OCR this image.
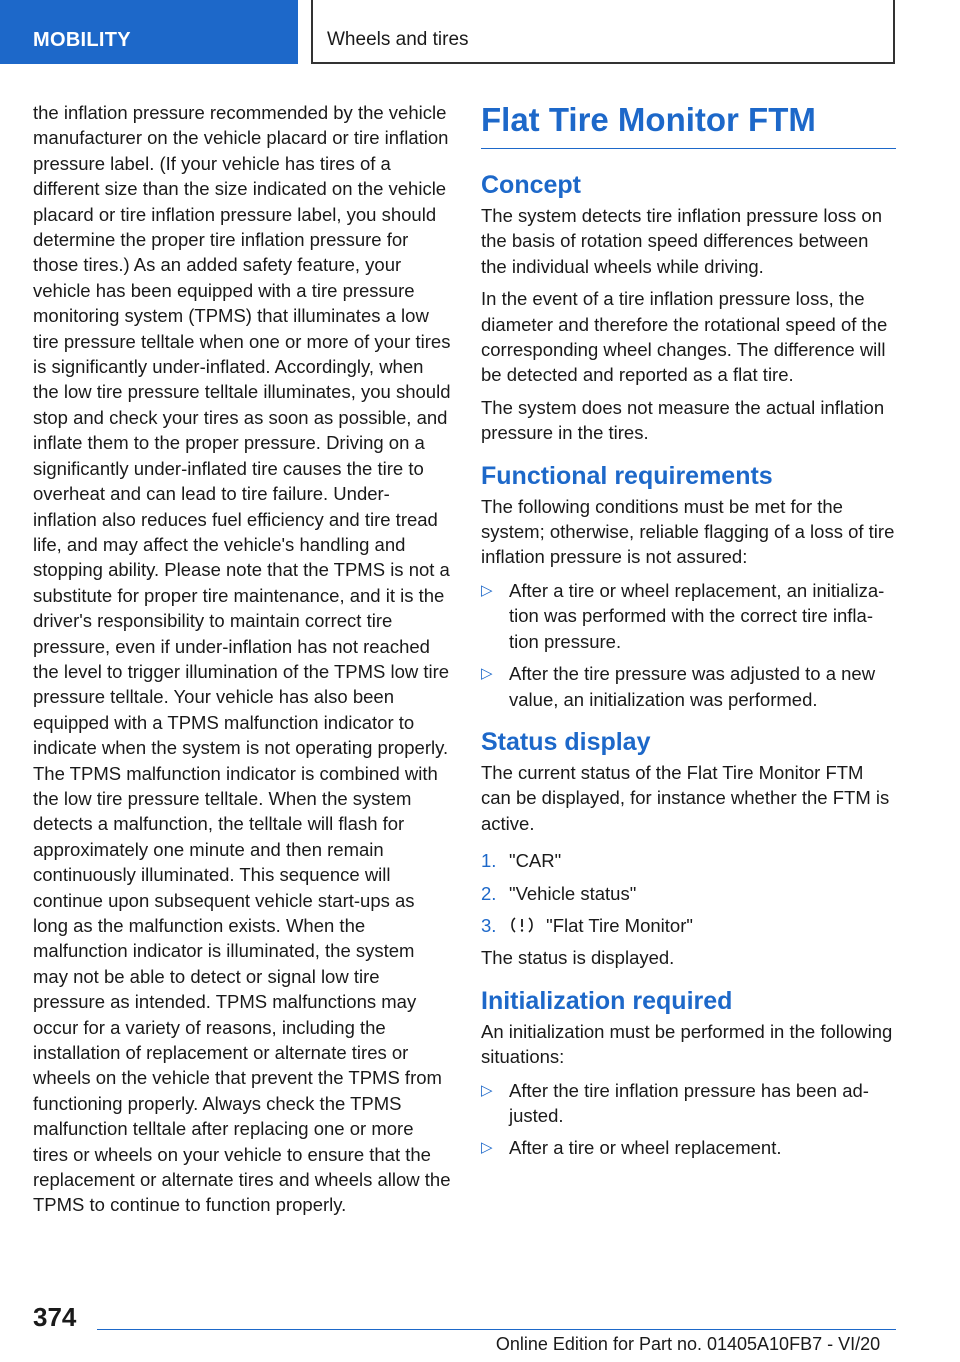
MOBILITY	Wheels and tires

the inflation pressure recommended by the vehicle manufacturer on the vehicle placard or tire inflation pressure label. (If your vehicle has tires of a different size than the size indicated on the vehicle placard or tire inflation pressure label, you should determine the proper tire inflation pressure for those tires.) As an added safety feature, your vehicle has been equipped with a tire pressure monitoring system (TPMS) that illuminates a low tire pressure telltale when one or more of your tires is significantly under-inflated. Accordingly, when the low tire pressure telltale illuminates, you should stop and check your tires as soon as possible, and inflate them to the proper pressure. Driving on a significantly under-inflated tire causes the tire to overheat and can lead to tire failure. Under-inflation also reduces fuel efficiency and tire tread life, and may affect the vehicle's handling and stopping ability. Please note that the TPMS is not a substitute for proper tire maintenance, and it is the driver's responsibility to maintain correct tire pressure, even if under-inflation has not reached the level to trigger illumination of the TPMS low tire pressure telltale. Your vehicle has also been equipped with a TPMS malfunction indicator to indicate when the system is not operating properly. The TPMS malfunction indicator is combined with the low tire pressure telltale. When the system detects a malfunction, the telltale will flash for approximately one minute and then remain continuously illuminated. This sequence will continue upon subsequent vehicle start-ups as long as the malfunction exists. When the malfunction indicator is illuminated, the system may not be able to detect or signal low tire pressure as intended. TPMS malfunctions may occur for a variety of reasons, including the installation of replacement or alternate tires or wheels on the vehicle that prevent the TPMS from functioning properly. Always check the TPMS malfunction telltale after replacing one or more tires or wheels on your vehicle to ensure that the replacement or alternate tires and wheels allow the TPMS to continue to function properly.

Flat Tire Monitor FTM
Concept

The system detects tire inflation pressure loss on the basis of rotation speed differences between the individual wheels while driving.

In the event of a tire inflation pressure loss, the diameter and therefore the rotational speed of the corresponding wheel changes. The difference will be detected and reported as a flat tire.

The system does not measure the actual inflation pressure in the tires.

Functional requirements

The following conditions must be met for the system; otherwise, reliable flagging of a loss of tire inflation pressure is not assured:

▷ After a tire or wheel replacement, an initialization was performed with the correct tire inflation pressure.
▷ After the tire pressure was adjusted to a new value, an initialization was performed.
Status display

The current status of the Flat Tire Monitor FTM can be displayed, for instance whether the FTM is active.

1. "CAR"
2. "Vehicle status"
3.	"Flat Tire Monitor"

The status is displayed.

Initialization required

An initialization must be performed in the following situations:

▷ After the tire inflation pressure has been adjusted.
▷ After a tire or wheel replacement.
374
Online Edition for Part no. 01405A10FB7 - VI/20
